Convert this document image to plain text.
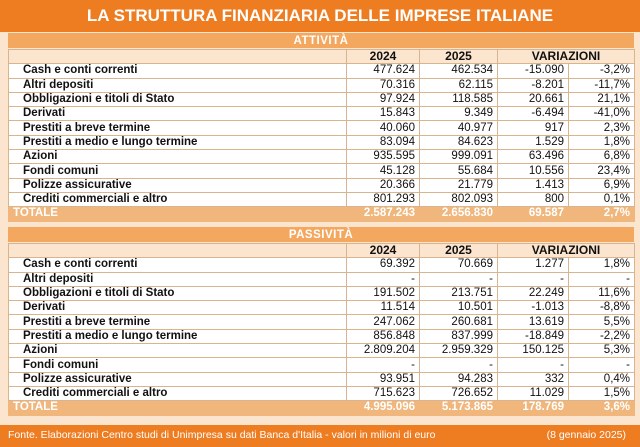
LA STRUTTURA FINANZIARIA DELLE IMPRESE ITALIANE
ATTIVITÀ
	2024	2025	VARIAZIONI	
Cash e conti correnti	477.624	462.534	-15.090	-3,2%
Altri depositi	70.316	62.115	-8.201	-11,7%
Obbligazioni e titoli di Stato	97.924	118.585	20.661	21,1%
Derivati	15.843	9.349	-6.494	-41,0%
Prestiti a breve termine	40.060	40.977	917	2,3%
Prestiti a medio e lungo termine	83.094	84.623	1.529	1,8%
Azioni	935.595	999.091	63.496	6,8%
Fondi comuni	45.128	55.684	10.556	23,4%
Polizze assicurative	20.366	21.779	1.413	6,9%
Crediti commerciali e altro	801.293	802.093	800	0,1%
TOTALE	2.587.243	2.656.830	69.587	2,7%
PASSIVITÀ
	2024	2025	VARIAZIONI	
Cash e conti correnti	69.392	70.669	1.277	1,8%
Altri depositi	-	-	-	-
Obbligazioni e titoli di Stato	191.502	213.751	22.249	11,6%
Derivati	11.514	10.501	-1.013	-8,8%
Prestiti a breve termine	247.062	260.681	13.619	5,5%
Prestiti a medio e lungo termine	856.848	837.999	-18.849	-2,2%
Azioni	2.809.204	2.959.329	150.125	5,3%
Fondi comuni	-	-	-	-
Polizze assicurative	93.951	94.283	332	0,4%
Crediti commerciali e altro	715.623	726.652	11.029	1,5%
TOTALE	4.995.096	5.173.865	178.769	3,6%
Fonte. Elaborazioni Centro studi di Unimpresa su dati Banca d'Italia - valori in milioni di euro	(8 gennaio 2025)
